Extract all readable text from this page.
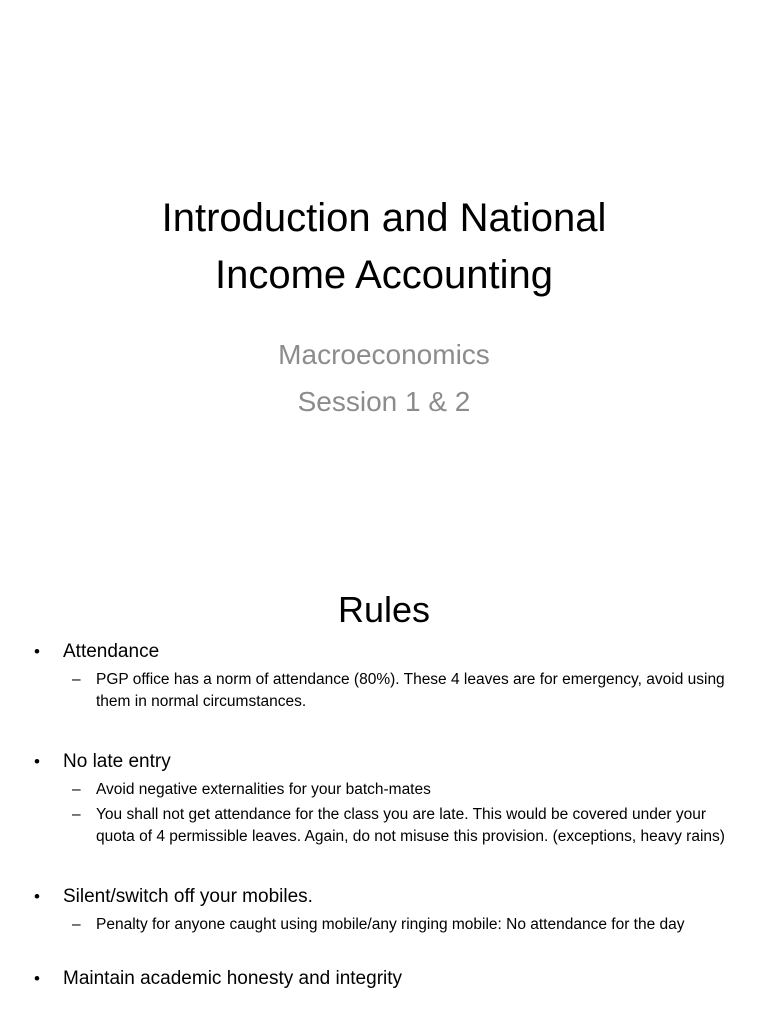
Introduction and National
Income Accounting
Macroeconomics
Session 1 & 2
Rules
•	Attendance
– PGP office has a norm of attendance (80%). These 4 leaves are for emergency, avoid using them in normal circumstances.
•	No late entry
– Avoid negative externalities for your batch-mates
– You shall not get attendance for the class you are late. This would be covered under your quota of 4 permissible leaves. Again, do not misuse this provision. (exceptions, heavy rains)
•	Silent/switch off your mobiles.
– Penalty for anyone caught using mobile/any ringing mobile: No attendance for the day
•	Maintain academic honesty and integrity
